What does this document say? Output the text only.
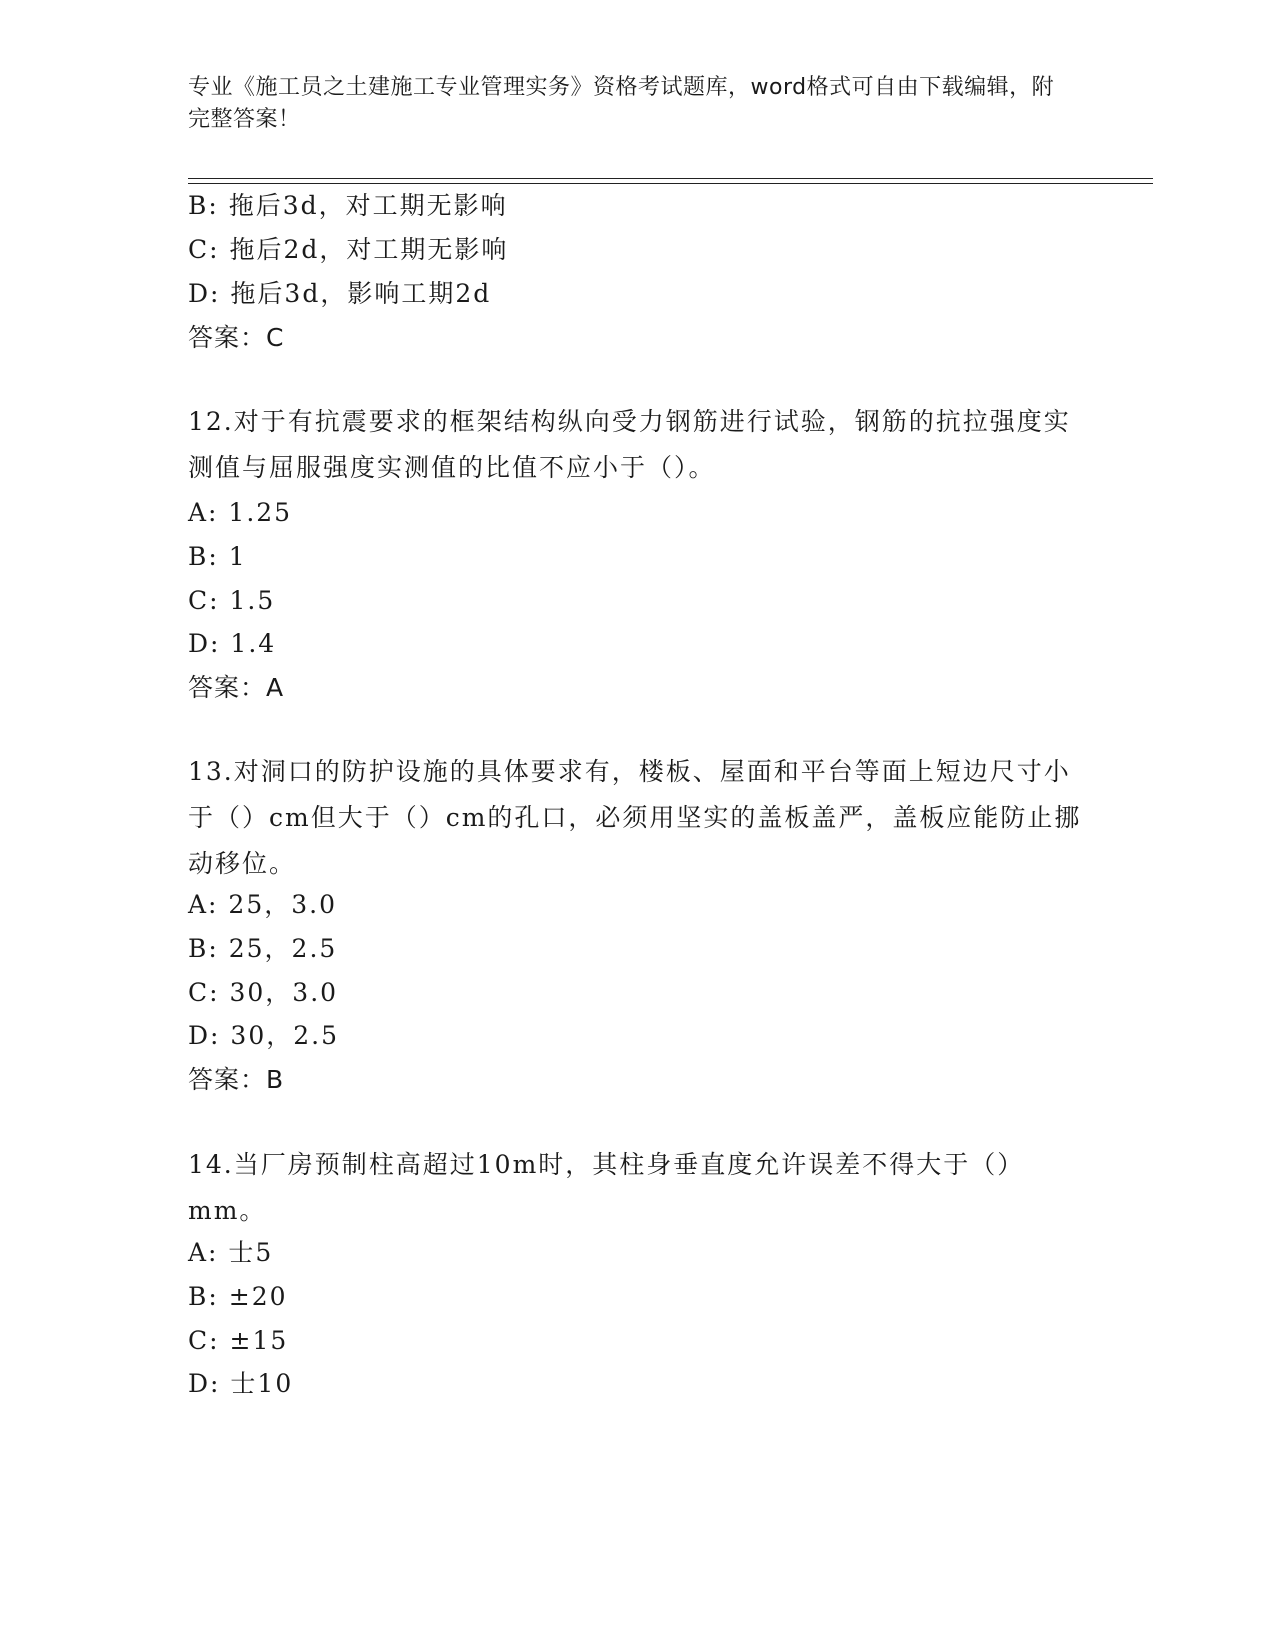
专业《施工员之土建施工专业管理实务》资格考试题库，word格式可自由下载编辑，附完整答案！
B: 拖后3d，对工期无影响
C: 拖后2d，对工期无影响
D: 拖后3d，影响工期2d
答案：C
12.对于有抗震要求的框架结构纵向受力钢筋进行试验，钢筋的抗拉强度实测值与屈服强度实测值的比值不应小于（）。
A: 1.25
B: 1
C: 1.5
D: 1.4
答案：A
13.对洞口的防护设施的具体要求有，楼板、屋面和平台等面上短边尺寸小于（）cm但大于（）cm的孔口，必须用坚实的盖板盖严，盖板应能防止挪动移位。
A: 25，3.0
B: 25，2.5
C: 30，3.0
D: 30，2.5
答案：B
14.当厂房预制柱高超过10m时，其柱身垂直度允许误差不得大于（）mm。
A: 士5
B: ±20
C: ±15
D: 士10
